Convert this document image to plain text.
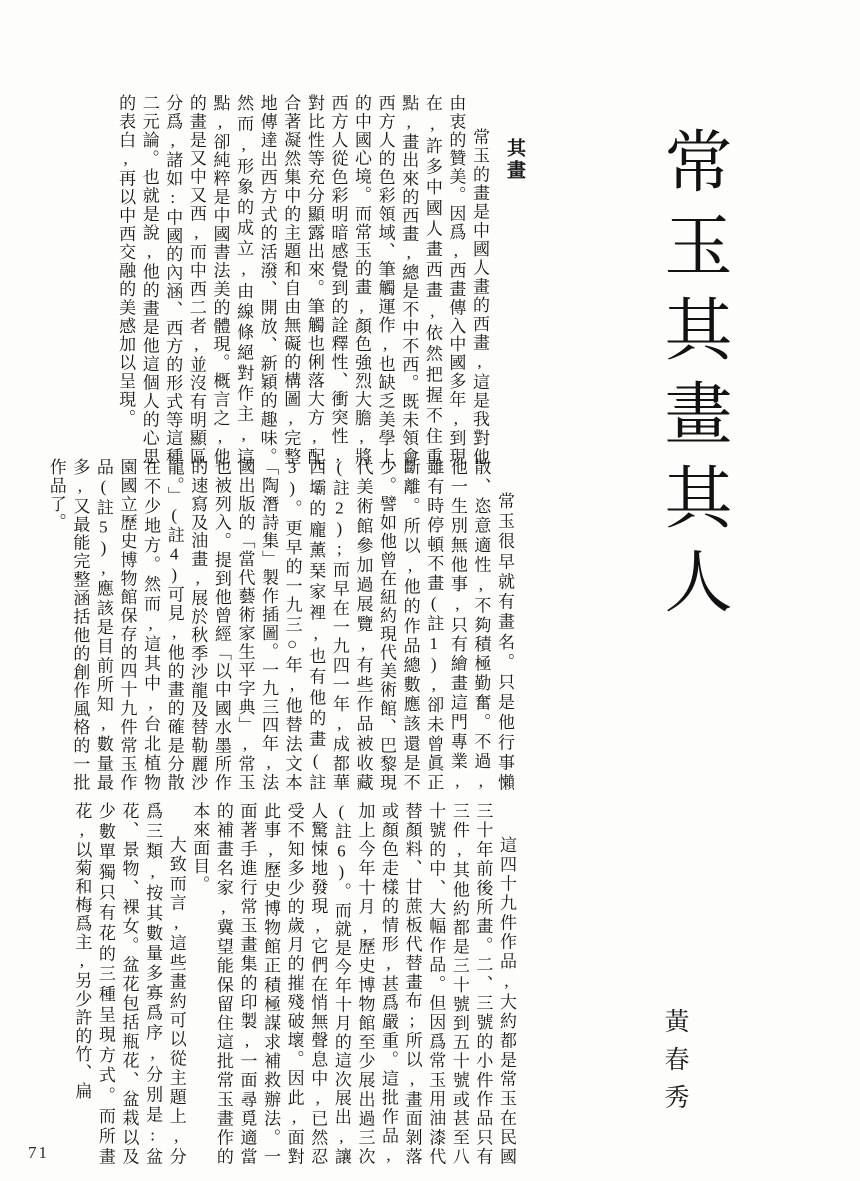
常玉其畫其人
其畫

常玉的畫是中國人畫的西畫,這是我對他由衷的贊美。因爲,西畫傳入中國多年,到現在,許多中國人畫西畫,依然把握不住重點,畫出來的西畫,總是不中不西。既未領會西方人的色彩領域、筆觸運作,也缺乏美學上的中國心境。而常玉的畫,顏色強烈大膽,將西方人從色彩明暗感覺到的詮釋性、衝突性,對比性等充分顯露出來。筆觸也俐落大方,配合著凝然集中的主題和自由無礙的構圖,完整地傳達出西方式的活潑、開放、新穎的趣味。然而,形象的成立,由線條絕對作主,這點,卻純粹是中國書法美的體現。概言之,他的畫是又中又西,而中西二者,並沒有明顯區分爲,諸如:中國的內涵、西方的形式等這種二元論。也就是說,他的畫是他這個人的心思的表白,再以中西交融的美感加以呈現。

常玉很早就有畫名。只是他行事懶散、恣意適性,不夠積極勤奮。不過,他一生別無他事,只有繪畫這門專業,雖有時停頓不畫(註1),卻未曾眞正斷離。所以,他的作品總數應該還是不少。譬如他曾在紐約現代美術館、巴黎現代美術館參加過展覽,有些作品被收藏(註2);而早在一九四一年,成都華西壩的龐薰琹家裡,也有他的畫(註3)。更早的一九三○年,他替法文本「陶潛詩集」製作插圖。一九三四年,法國出版的「當代藝術家生平字典」,常玉也被列入。提到他曾經「以中國水墨所作的速寫及油畫,展於秋季沙龍及替勒麗沙龍。」(註4)可見,他的畫的確是分散在不少地方。然而,這其中,台北植物園國立歷史博物館保存的四十九件常玉作品(註5),應該是目前所知,數量最多,又最能完整涵括他的創作風格的一批作品了。

這四十九件作品,大約都是常玉在民國三十年前後所畫。二、三號的小件作品只有三件,其他約都是三十號到五十號或甚至八十號的中、大幅作品。但因爲常玉用油漆代替顏料、甘蔗板代替畫布;所以,畫面剝落或顏色走樣的情形,甚爲嚴重。這批作品,加上今年十月,歷史博物館至少展出過三次(註6)。而就是今年十月的這次展出,讓人驚悚地發現,它們在悄無聲息中,已然忍受不知多少的歲月的摧殘破壞。因此,面對此事,歷史博物館正積極謀求補救辦法。一面著手進行常玉畫集的印製,一面尋覓適當的補畫名家,冀望能保留住這批常玉畫作的本來面目。

大致而言,這些畫約可以從主題上,分爲三類,按其數量多寡爲序,分別是:盆花、景物、裸女。盆花包括瓶花、盆栽以及少數單獨只有花的三種呈現方式。而所畫花,以菊和梅爲主,另少許的竹、扁	黃春秀
71
